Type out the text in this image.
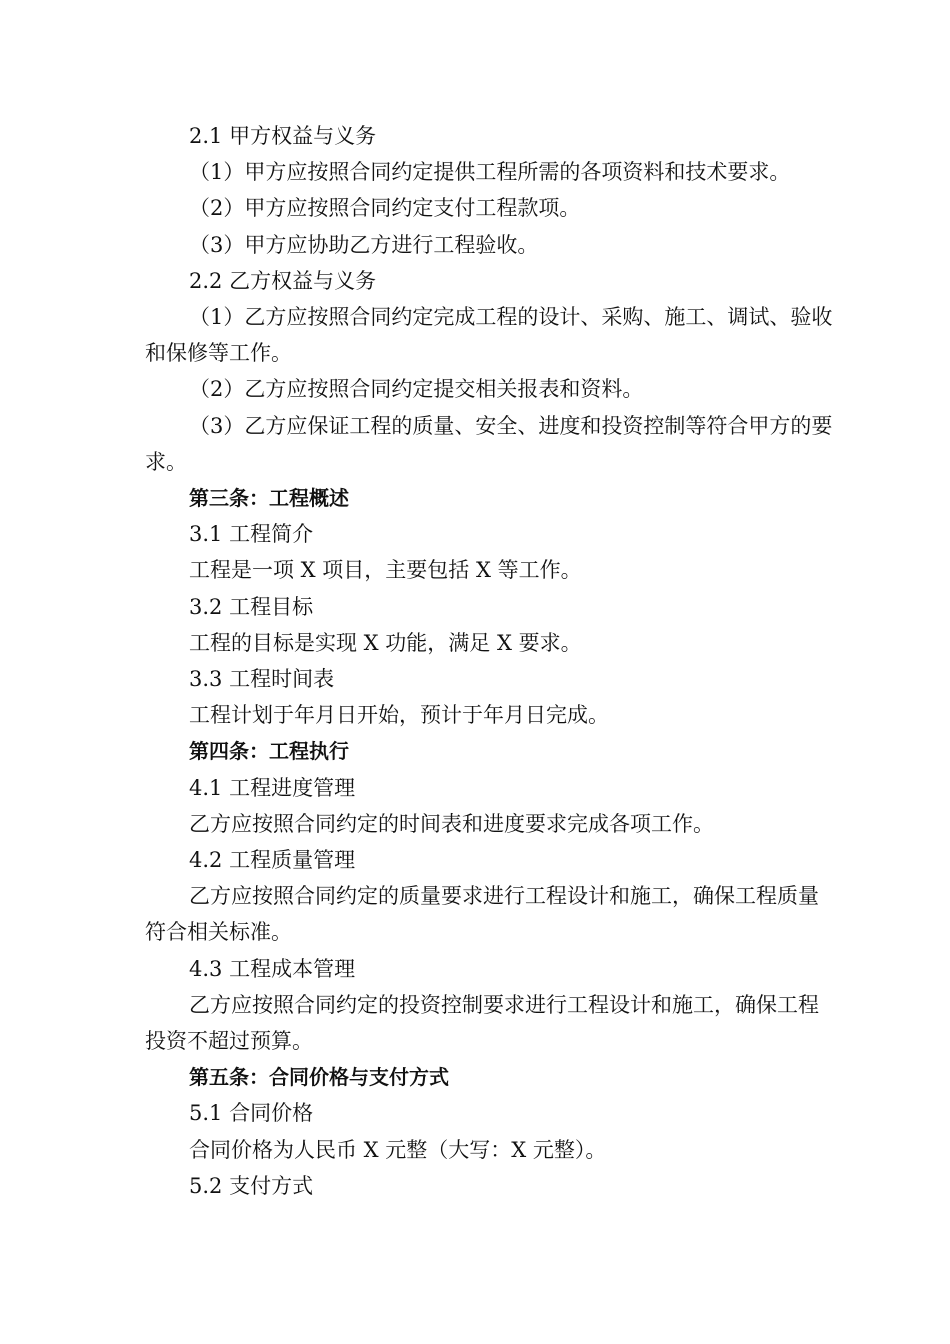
2.1 甲方权益与义务

（1）甲方应按照合同约定提供工程所需的各项资料和技术要求。

（2）甲方应按照合同约定支付工程款项。

（3）甲方应协助乙方进行工程验收。

2.2 乙方权益与义务

（1）乙方应按照合同约定完成工程的设计、采购、施工、调试、验收和保修等工作。

（2）乙方应按照合同约定提交相关报表和资料。

（3）乙方应保证工程的质量、安全、进度和投资控制等符合甲方的要求。

第三条：工程概述

3.1 工程简介

工程是一项 X 项目，主要包括 X 等工作。

3.2 工程目标

工程的目标是实现 X 功能，满足 X 要求。

3.3 工程时间表

工程计划于年月日开始，预计于年月日完成。

第四条：工程执行

4.1 工程进度管理

乙方应按照合同约定的时间表和进度要求完成各项工作。

4.2 工程质量管理

乙方应按照合同约定的质量要求进行工程设计和施工，确保工程质量符合相关标准。

4.3 工程成本管理

乙方应按照合同约定的投资控制要求进行工程设计和施工，确保工程投资不超过预算。

第五条：合同价格与支付方式

5.1 合同价格

合同价格为人民币 X 元整（大写：X 元整）。

5.2 支付方式
